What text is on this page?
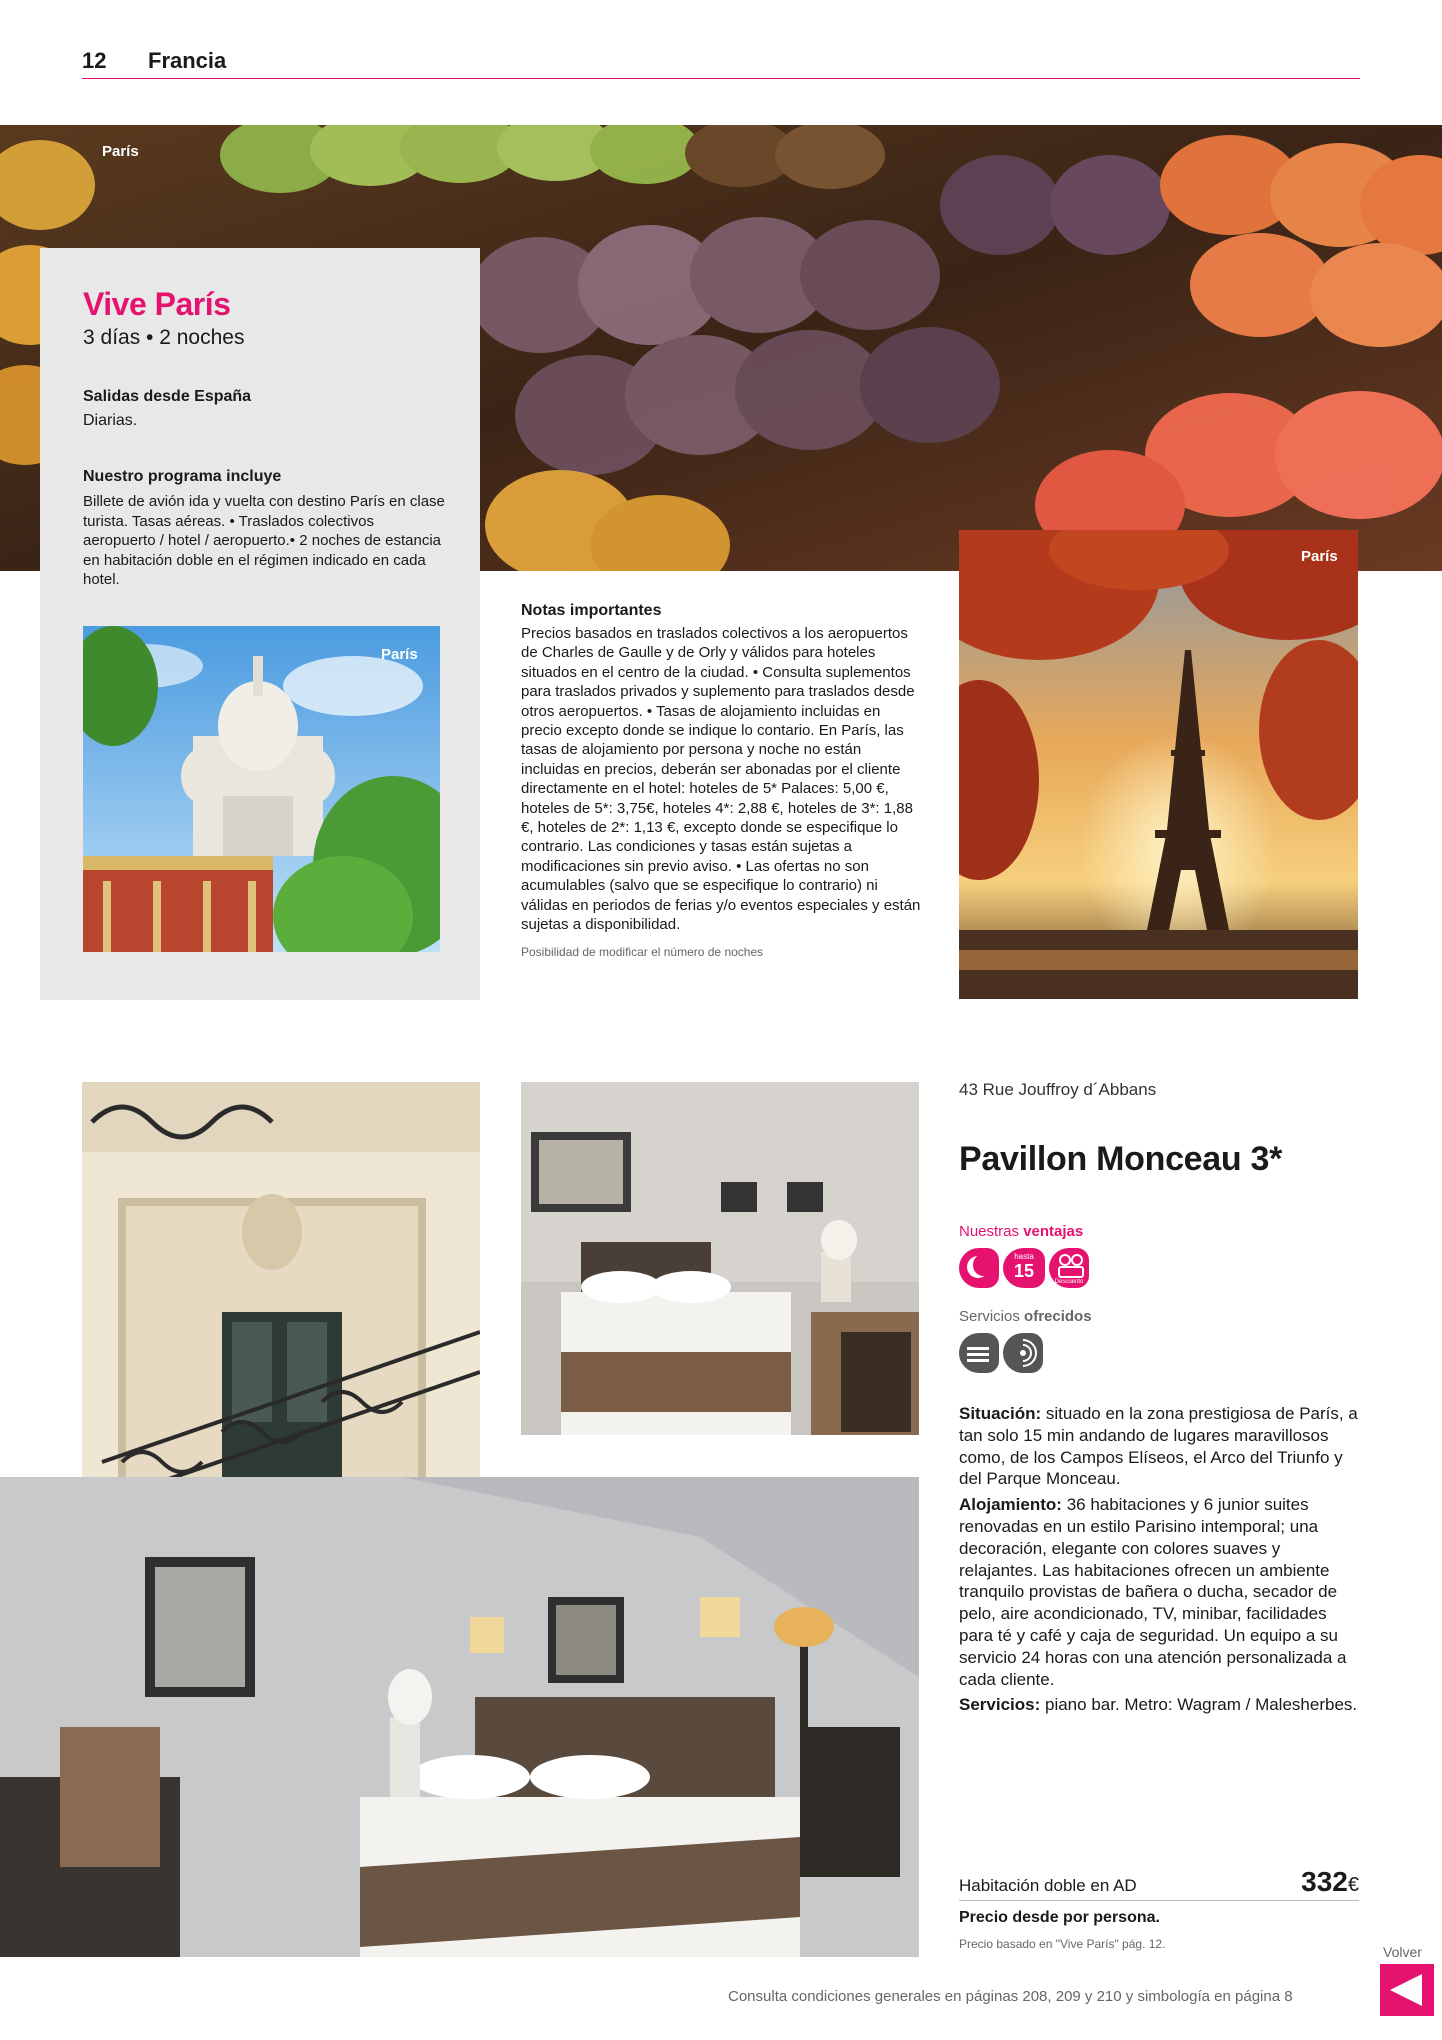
12 Francia
París

Vive París

3 días • 2 noches

Salidas desde España

Diarias.

Nuestro programa incluye

Billete de avión ida y vuelta con destino París en clase turista. Tasas aéreas. • Traslados colectivos aeropuerto / hotel / aeropuerto.• 2 noches de estancia en habitación doble en el régimen indicado en cada hotel.

París

Notas importantes

Precios basados en traslados colectivos a los aeropuertos de Charles de Gaulle y de Orly y válidos para hoteles situados en el centro de la ciudad. • Consulta suplementos para traslados privados y suplemento para traslados desde otros aeropuertos. • Tasas de alojamiento incluidas en precio excepto donde se indique lo contario. En París, las tasas de alojamiento por persona y noche no están incluidas en precios, deberán ser abonadas por el cliente directamente en el hotel: hoteles de 5* Palaces: 5,00 €, hoteles de 5*: 3,75€, hoteles 4*: 2,88 €, hoteles de 3*: 1,88 €, hoteles de 2*: 1,13 €, excepto donde se especifique lo contrario. Las condiciones y tasas están sujetas a modificaciones sin previo aviso. • Las ofertas no son acumulables (salvo que se especifique lo contrario) ni válidas en periodos de ferias y/o eventos especiales y están sujetas a disponibilidad.

Posibilidad de modificar el número de noches

París

43 Rue Jouffroy d´Abbans

Pavillon Monceau 3*

Nuestras ventajas

hasta
15
Descuento

Servicios ofrecidos

Situación: situado en la zona prestigiosa de París, a tan solo 15 min andando de lugares maravillosos como, de los Campos Elíseos, el Arco del Triunfo y del Parque Monceau.

Alojamiento: 36 habitaciones y 6 junior suites renovadas en un estilo Parisino intemporal; una decoración, elegante con colores suaves y relajantes. Las habitaciones ofrecen un ambiente tranquilo provistas de bañera o ducha, secador de pelo, aire acondicionado, TV, minibar, facilidades para té y café y caja de seguridad. Un equipo a su servicio 24 horas con una atención personalizada a cada cliente.

Servicios: piano bar. Metro: Wagram / Malesherbes.

Habitación doble en AD	332€

Precio desde por persona.

Precio basado en "Vive París" pág. 12.

Consulta condiciones generales en páginas 208, 209 y 210 y simbología en página 8

Volver
